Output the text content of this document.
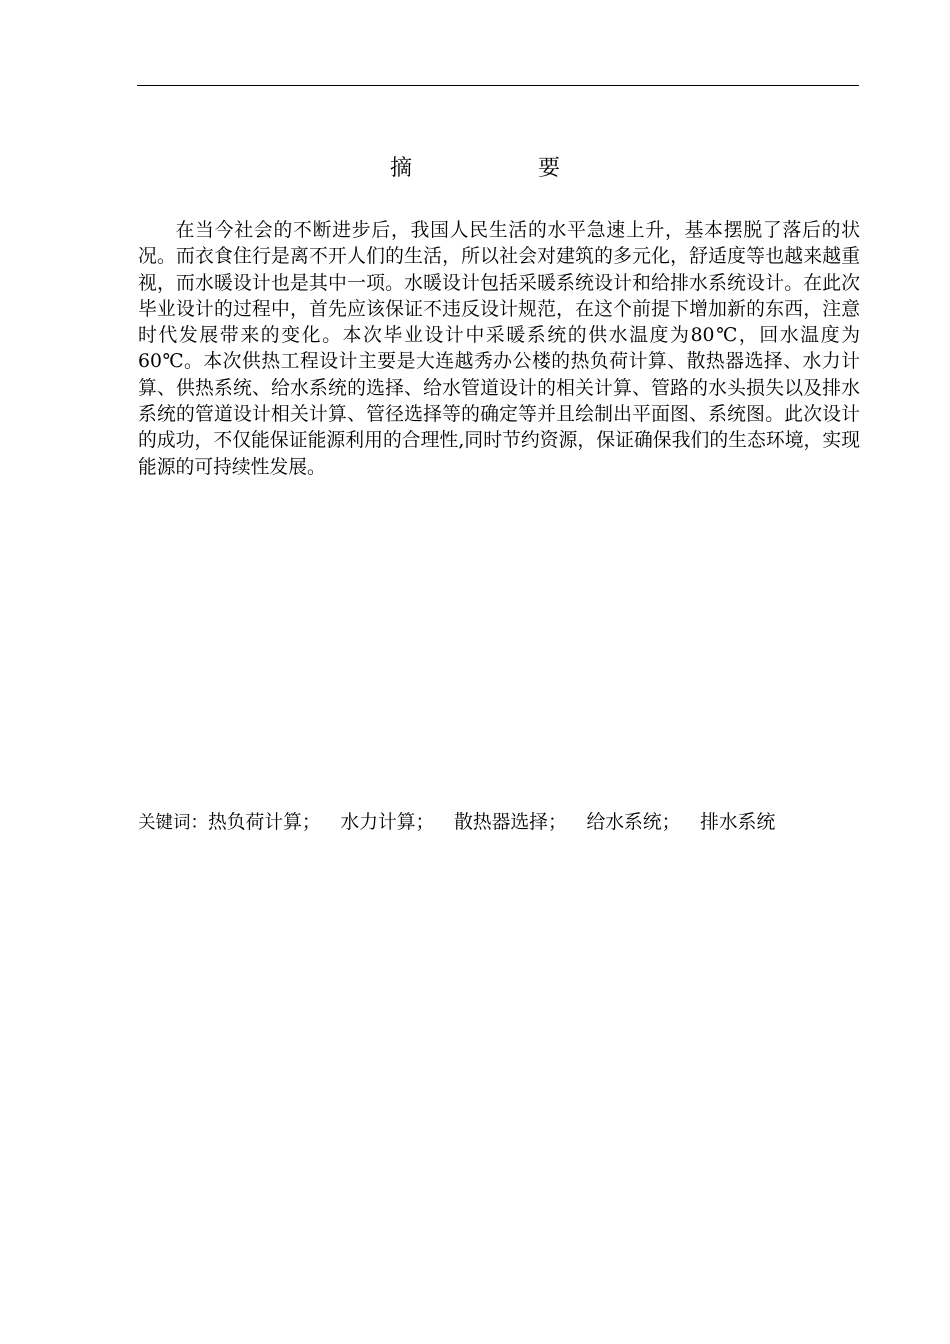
摘　要

在当今社会的不断进步后，我国人民生活的水平急速上升，基本摆脱了落后的状况。而衣食住行是离不开人们的生活，所以社会对建筑的多元化，舒适度等也越来越重视，而水暖设计也是其中一项。水暖设计包括采暖系统设计和给排水系统设计。在此次毕业设计的过程中，首先应该保证不违反设计规范，在这个前提下增加新的东西，注意时代发展带来的变化。本次毕业设计中采暖系统的供水温度为80℃，回水温度为60℃。本次供热工程设计主要是大连越秀办公楼的热负荷计算、散热器选择、水力计算、供热系统、给水系统的选择、给水管道设计的相关计算、管路的水头损失以及排水系统的管道设计相关计算、管径选择等的确定等并且绘制出平面图、系统图。此次设计的成功，不仅能保证能源利用的合理性,同时节约资源，保证确保我们的生态环境，实现能源的可持续性发展。

关键词：热负荷计算； 水力计算； 散热器选择； 给水系统； 排水系统
